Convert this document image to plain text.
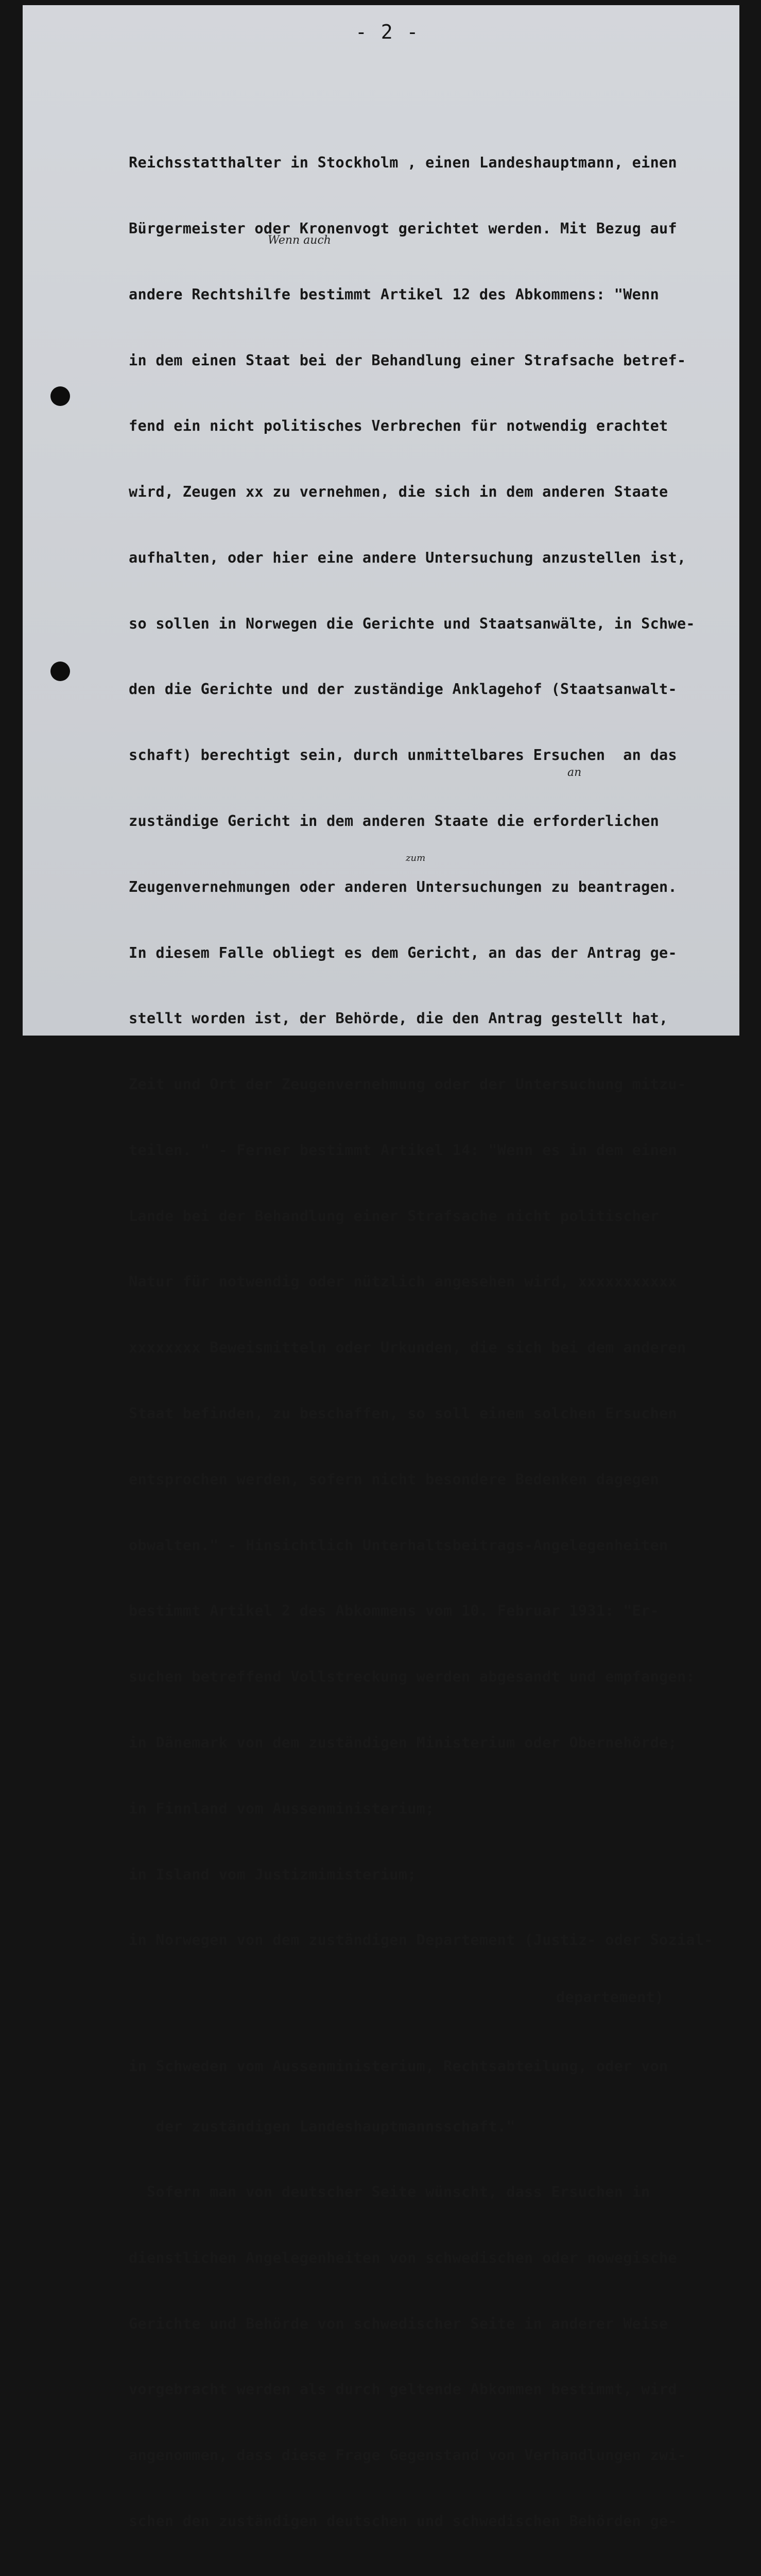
- 2 -
Wenn auch
an
zum

Reichsstatthalter in Stockholm , einen Landeshauptmann, einen

Bürgermeister oder Kronenvogt gerichtet werden. Mit Bezug auf

andere Rechtshilfe bestimmt Artikel 12 des Abkommens: "Wenn

in dem einen Staat bei der Behandlung einer Strafsache betref-

fend ein nicht politisches Verbrechen für notwendig erachtet

wird, Zeugen xx zu vernehmen, die sich in dem anderen Staate

aufhalten, oder hier eine andere Untersuchung anzustellen ist,

so sollen in Norwegen die Gerichte und Staatsanwälte, in Schwe-

den die Gerichte und der zuständige Anklagehof (Staatsanwalt-

schaft) berechtigt sein, durch unmittelbares Ersuchen  an das

zuständige Gericht in dem anderen Staate die erforderlichen

Zeugenvernehmungen oder anderen Untersuchungen zu beantragen.

In diesem Falle obliegt es dem Gericht, an das der Antrag ge-

stellt worden ist, der Behörde, die den Antrag gestellt hat,

Zeit und Ort der Zeugenvernehmung oder der Untersuchung mitzu-

teilen. " - Ferner bestimmt Artikel 14: "Wenn es in dem einen

Lande bei der Behandlung einer Strafsache nicht politischer

Natur für notwendig oder nützlich angesehen wird, xxxxxxxxxxx

xxxxxxxx Beweismitteln oder Urkunden, die sich bei dem anderen

Staat befinden, zu beschaffen, so soll einem solchen Ersuchen

entsprochen werden, sofern nicht besondere Bedenken dagegen

obwalten." - Hinsichtlich Unterhaltsbeitrags-Angelegenheiten

bestimmt Artikel 2 des Abkommens vom 10. Februar 1931: "Er-

suchen betreffend Vollstreckung werden abgesandt und empfangen:

in Dänemark von dem zuständigen Ministerium oder Obernehörde;

in Finnland vom Aussenministerium;

in Island vom Justizmimisterium;

in Norwegen von dem zuständigen Departement (Justiz- oder Sozial-

departement)

in Schweden vom Aussenministerium, Rechtsabteilung, oder von

der zuständigen Landeshauptmannsschaft."

Sofern man von deutscher Seite wünscht, dass Ersuchen in

dienstlichen Angelegenheiten von schwedischen oder nowegische

Gerichte und Behörde von schwedischer Seite in anderer Weise

vorgebracht werden als durch geltende Abkommen bestimmt, wird

angenommen, dass diese Frage Gegenstand von Verhandlungen zwi-

schen den zuständigen deutschen und schwedischen Behörden ge-
